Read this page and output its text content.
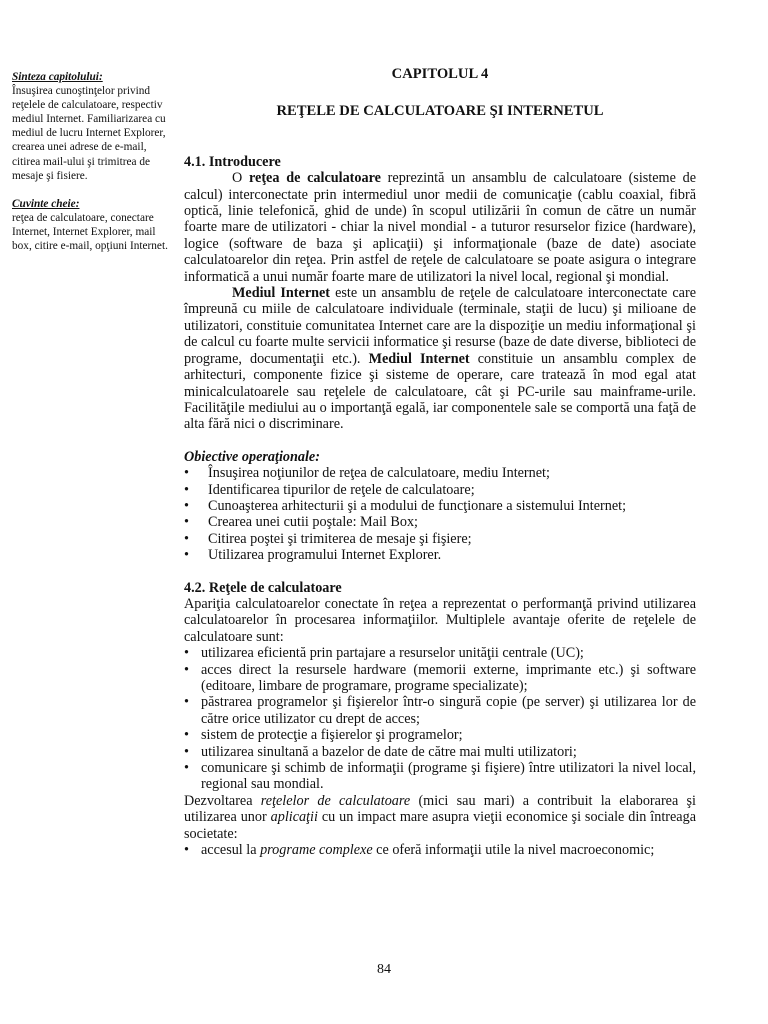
Sinteza capitolului:
Însuşirea cunoştinţelor privind reţelele de calculatoare, respectiv mediul Internet. Familiarizarea cu mediul de lucru Internet Explorer, crearea unei adrese de e-mail, citirea mail-ului şi trimitrea de mesaje şi fisiere.
Cuvinte cheie:
reţea de calculatoare, conectare Internet, Internet Explorer, mail box, citire e-mail, opţiuni Internet.
CAPITOLUL 4
REŢELE DE CALCULATOARE ŞI INTERNETUL
4.1. Introducere

O reţea de calculatoare reprezintă un ansamblu de calculatoare (sisteme de calcul) interconectate prin intermediul unor medii de comunicaţie (cablu coaxial, fibră optică, linie telefonică, ghid de unde) în scopul utilizării în comun de către un număr foarte mare de utilizatori - chiar la nivel mondial - a tuturor resurselor fizice (hardware), logice (software de baza şi aplicaţii) şi informaţionale (baze de date) asociate calculatoarelor din reţea. Prin astfel de reţele de calculatoare se poate asigura o integrare informatică a unui număr foarte mare de utilizatori la nivel local, regional şi mondial.

Mediul Internet este un ansamblu de reţele de calculatoare interconectate care împreună cu miile de calculatoare individuale (terminale, staţii de lucu) şi milioane de utilizatori, constituie comunitatea Internet care are la dispoziţie un mediu informaţional şi de calcul cu foarte multe servicii informatice şi resurse (baze de date diverse, biblioteci de programe, documentaţii etc.). Mediul Internet constituie un ansamblu complex de arhitecturi, componente fizice şi sisteme de operare, care tratează în mod egal atat minicalculatoarele sau reţelele de calculatoare, cât şi PC-urile sau mainframe-urile. Facilităţile mediului au o importanţă egală, iar componentele sale se comportă una faţă de alta fără nici o discriminare.

Obiective operaţionale:
• Însuşirea noţiunilor de reţea de calculatoare, mediu Internet;
• Identificarea tipurilor de reţele de calculatoare;
• Cunoaşterea arhitecturii şi a modului de funcţionare a sistemului Internet;
• Crearea unei cutii poştale: Mail Box;
• Citirea poştei şi trimiterea de mesaje şi fişiere;
• Utilizarea programului Internet Explorer.
4.2. Reţele de calculatoare

Apariţia calculatoarelor conectate în reţea a reprezentat o performanţă privind utilizarea calculatoarelor în procesarea informaţiilor. Multiplele avantaje oferite de reţelele de calculatoare sunt:

• utilizarea eficientă prin partajare a resurselor unităţii centrale (UC);
• acces direct la resursele hardware (memorii externe, imprimante etc.) şi software (editoare, limbare de programare, programe specializate);
• păstrarea programelor şi fişierelor într-o singură copie (pe server) şi utilizarea lor de către orice utilizator cu drept de acces;
• sistem de protecţie a fişierelor şi programelor;
• utilizarea sinultană a bazelor de date de către mai multi utilizatori;
• comunicare şi schimb de informaţii (programe şi fişiere) între utilizatori la nivel local, regional sau mondial.

Dezvoltarea reţelelor de calculatoare (mici sau mari) a contribuit la elaborarea şi utilizarea unor aplicaţii cu un impact mare asupra vieţii economice şi sociale din întreaga societate:

• accesul la programe complexe ce oferă informaţii utile la nivel macroeconomic;
84
